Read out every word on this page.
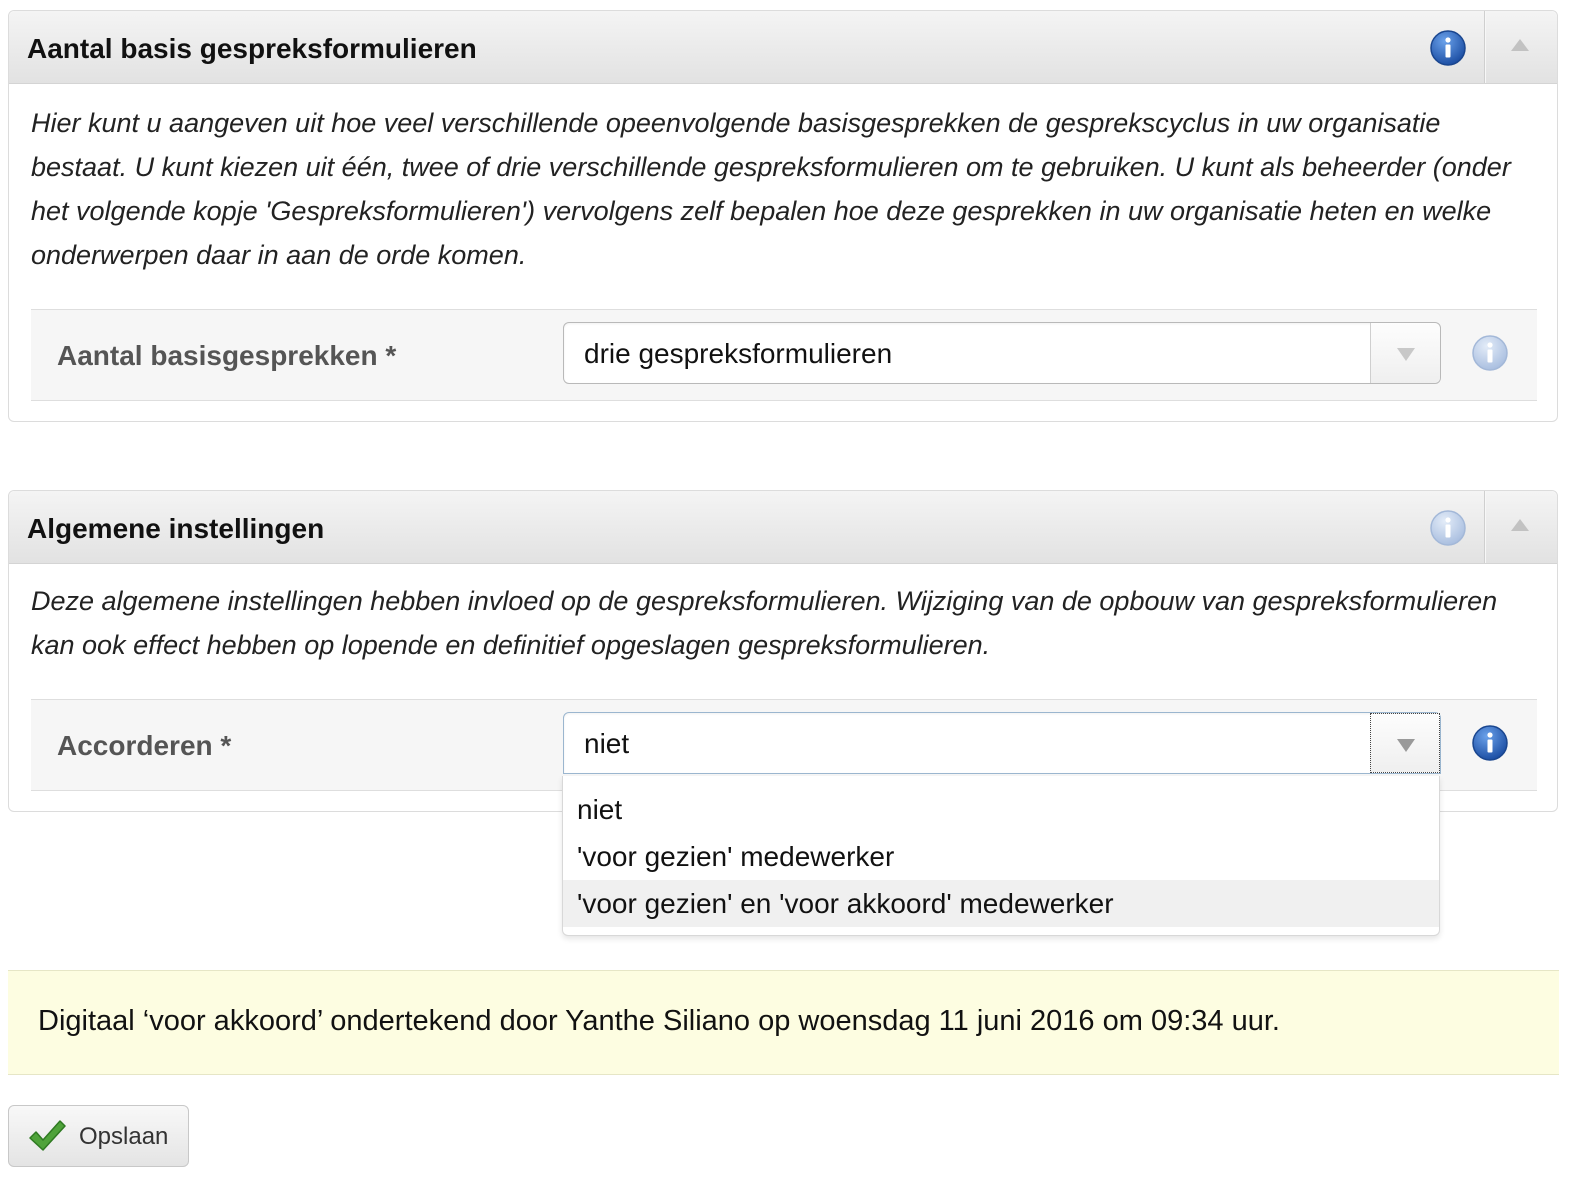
Aantal basis gespreksformulieren
Hier kunt u aangeven uit hoe veel verschillende opeenvolgende basisgesprekken de gesprekscyclus in uw organisatie bestaat. U kunt kiezen uit één, twee of drie verschillende gespreksformulieren om te gebruiken. U kunt als beheerder (onder het volgende kopje 'Gespreksformulieren') vervolgens zelf bepalen hoe deze gesprekken in uw organisatie heten en welke onderwerpen daar in aan de orde komen.
Aantal basisgesprekken *	drie gespreksformulieren
Algemene instellingen
Deze algemene instellingen hebben invloed op de gespreksformulieren. Wijziging van de opbouw van gespreksformulieren kan ook effect hebben op lopende en definitief opgeslagen gespreksformulieren.
Accorderen *	niet
niet
'voor gezien' medewerker
'voor gezien' en 'voor akkoord' medewerker
Digitaal ‘voor akkoord’ ondertekend door Yanthe Siliano op woensdag 11 juni 2016 om 09:34 uur.
Opslaan
